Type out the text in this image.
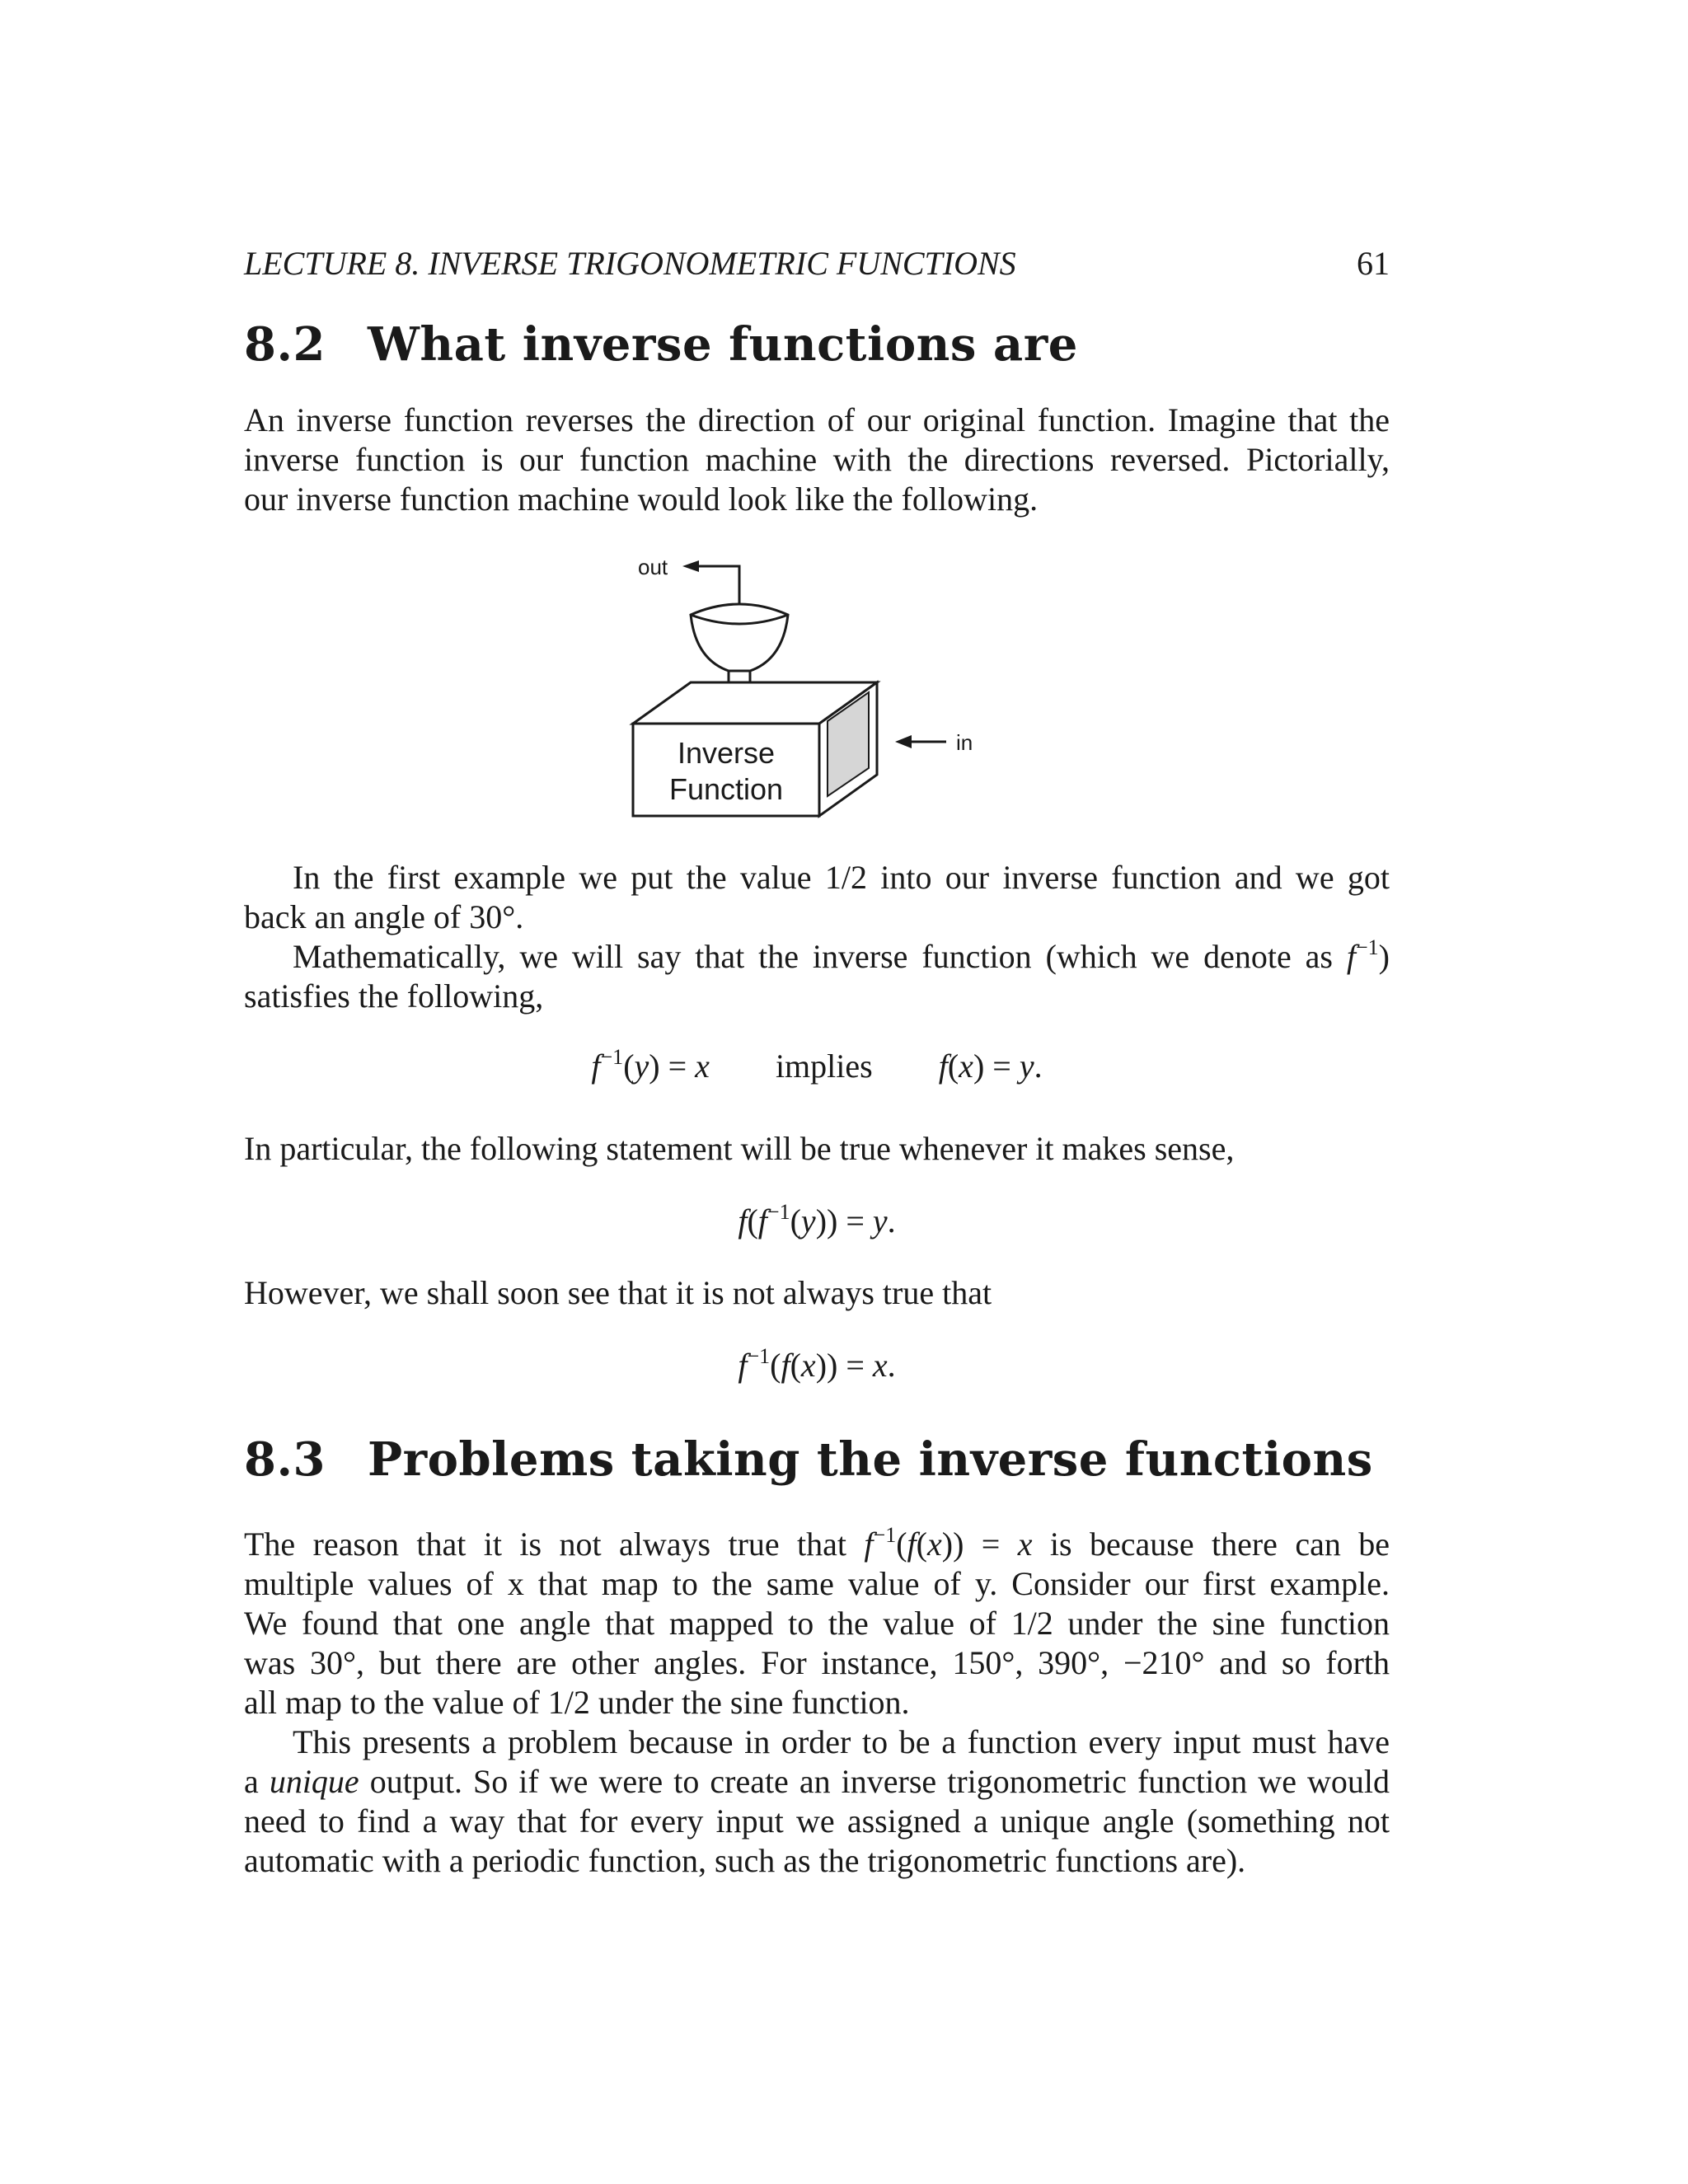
LECTURE 8. INVERSE TRIGONOMETRIC FUNCTIONS	61
8.2 What inverse functions are
An inverse function reverses the direction of our original function. Imagine that the
inverse function is our function machine with the directions reversed. Pictorially,
our inverse function machine would look like the following.
out
Inverse
Function
in
In the first example we put the value 1/2 into our inverse function and we got
back an angle of 30°.
Mathematically, we will say that the inverse function (which we denote as $f^{-1}$)
satisfies the following,
$f^{-1}(y) = x$ implies f(x) = y.
In particular, the following statement will be true whenever it makes sense,
$f(f^{-1}(y)) = y$.
However, we shall soon see that it is not always true that
$f^{-1}(f(x)) = x$.
8.3 Problems taking the inverse functions
The reason that it is not always true that $f^{-1}(f(x)) = x$ is because there can be
multiple values of x that map to the same value of y. Consider our first example.
We found that one angle that mapped to the value of 1/2 under the sine function
was 30°, but there are other angles. For instance, 150°, 390°, −210° and so forth
all map to the value of 1/2 under the sine function.
This presents a problem because in order to be a function every input must have
a unique output. So if we were to create an inverse trigonometric function we would
need to find a way that for every input we assigned a unique angle (something not
automatic with a periodic function, such as the trigonometric functions are).
